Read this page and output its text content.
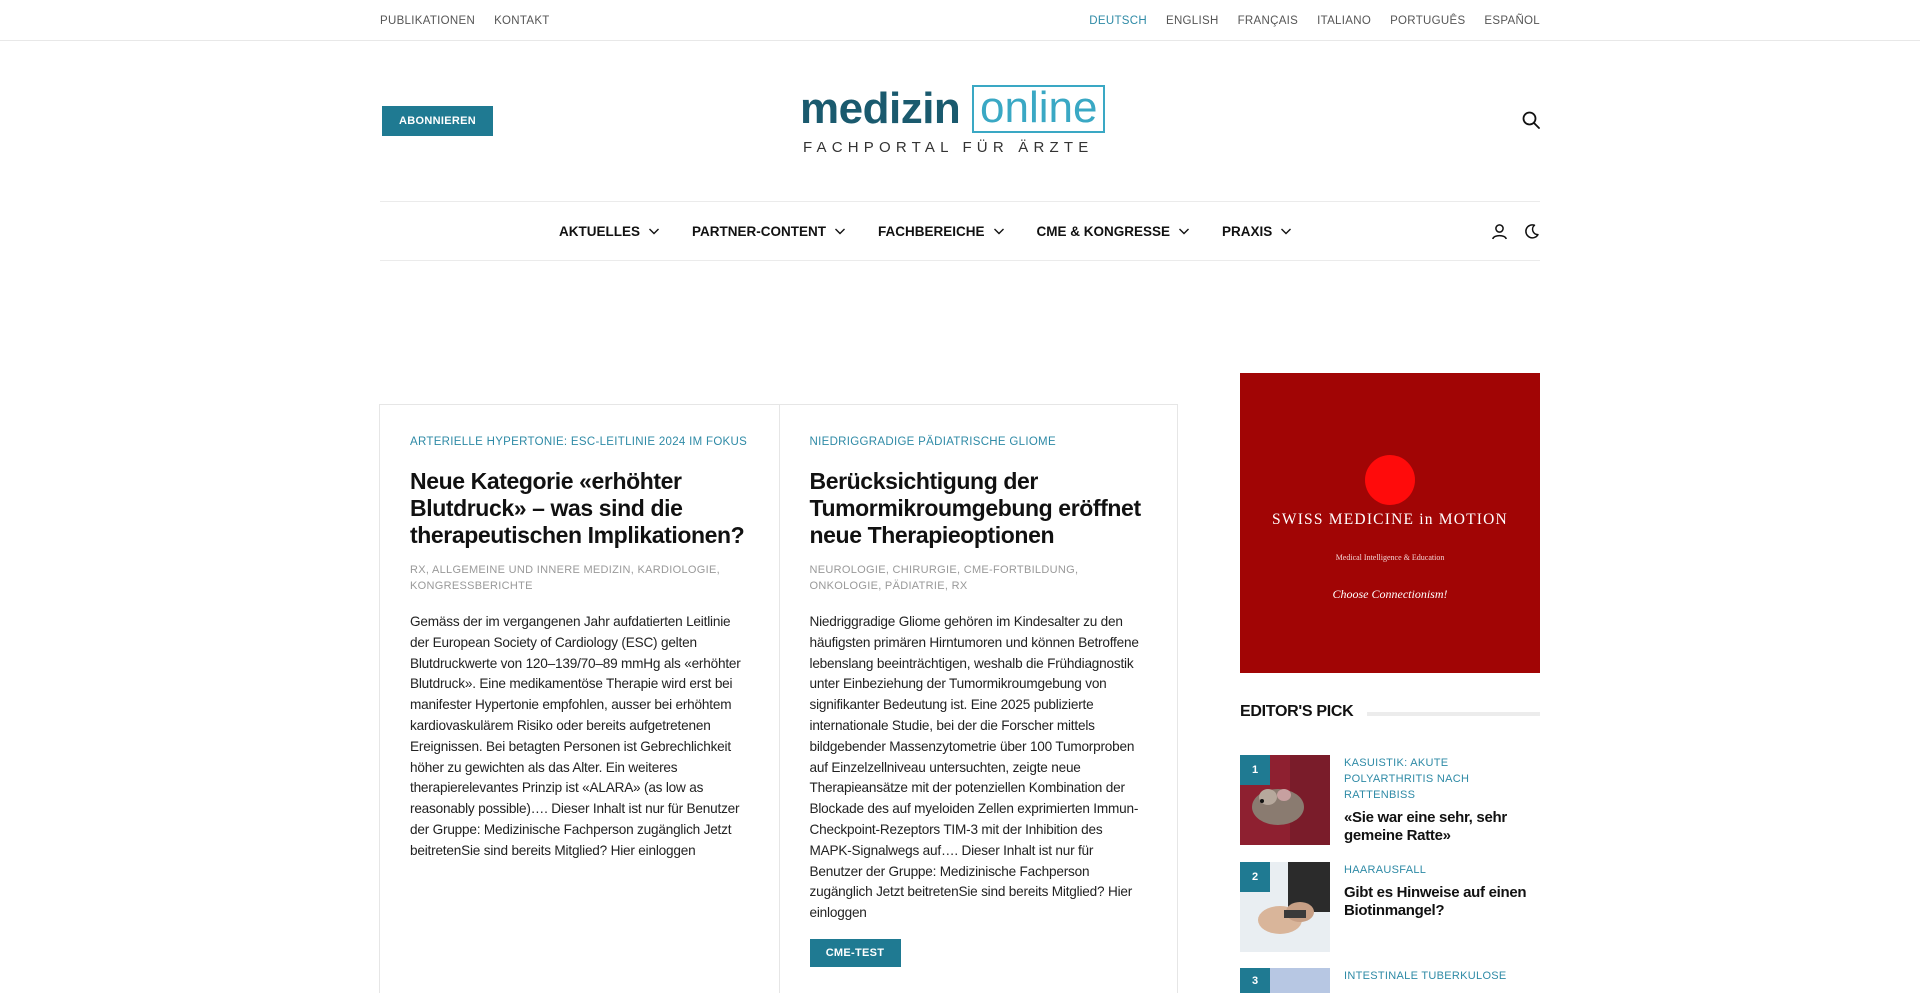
PUBLIKATIONEN KONTAKT	DEUTSCH ENGLISH FRANÇAIS ITALIANO PORTUGUÊS ESPAÑOL
ABONNIEREN	medizin online
FACHPORTAL FÜR ÄRZTE
AKTUELLES	PARTNER-CONTENT	FACHBEREICHE	CME & KONGRESSE	PRAXIS
ARTERIELLE HYPERTONIE: ESC-LEITLINIE 2024 IM FOKUS
Neue Kategorie «erhöhter Blutdruck» – was sind die therapeutischen Implikationen?
RX, ALLGEMEINE UND INNERE MEDIZIN, KARDIOLOGIE, KONGRESSBERICHTE

Gemäss der im vergangenen Jahr aufdatierten Leitlinie der European Society of Cardiology (ESC) gelten Blutdruckwerte von 120–139/70–89 mmHg als «erhöhter Blutdruck». Eine medikamentöse Therapie wird erst bei manifester Hypertonie empfohlen, ausser bei erhöhtem kardiovaskulärem Risiko oder bereits aufgetretenen Ereignissen. Bei betagten Personen ist Gebrechlichkeit höher zu gewichten als das Alter. Ein weiteres therapierelevantes Prinzip ist «ALARA» (as low as reasonably possible)…. Dieser Inhalt ist nur für Benutzer der Gruppe: Medizinische Fachperson zugänglich Jetzt beitretenSie sind bereits Mitglied? Hier einloggen

NIEDRIGGRADIGE PÄDIATRISCHE GLIOME
Berücksichtigung der Tumormikroumgebung eröffnet neue Therapieoptionen
NEUROLOGIE, CHIRURGIE, CME-FORTBILDUNG, ONKOLOGIE, PÄDIATRIE, RX

Niedriggradige Gliome gehören im Kindesalter zu den häufigsten primären Hirntumoren und können Betroffene lebenslang beeinträchtigen, weshalb die Frühdiagnostik unter Einbeziehung der Tumormikroumgebung von signifikanter Bedeutung ist. Eine 2025 publizierte internationale Studie, bei der die Forscher mittels bildgebender Massenzytometrie über 100 Tumorproben auf Einzelzellniveau untersuchten, zeigte neue Therapieansätze mit der potenziellen Kombination der Blockade des auf myeloiden Zellen exprimierten Immun-Checkpoint-Rezeptors TIM-3 mit der Inhibition des MAPK-Signalwegs auf…. Dieser Inhalt ist nur für Benutzer der Gruppe: Medizinische Fachperson zugänglich Jetzt beitretenSie sind bereits Mitglied? Hier einloggen

CME-TEST
SWISS MEDICINE in MOTION
Medical Intelligence & Education
Choose Connectionism!
EDITOR'S PICK
1
KASUISTIK: AKUTE POLYARTHRITIS NACH RATTENBISS
«Sie war eine sehr, sehr gemeine Ratte»
2
HAARAUSFALL
Gibt es Hinweise auf einen Biotinmangel?
3	INTESTINALE TUBERKULOSE
